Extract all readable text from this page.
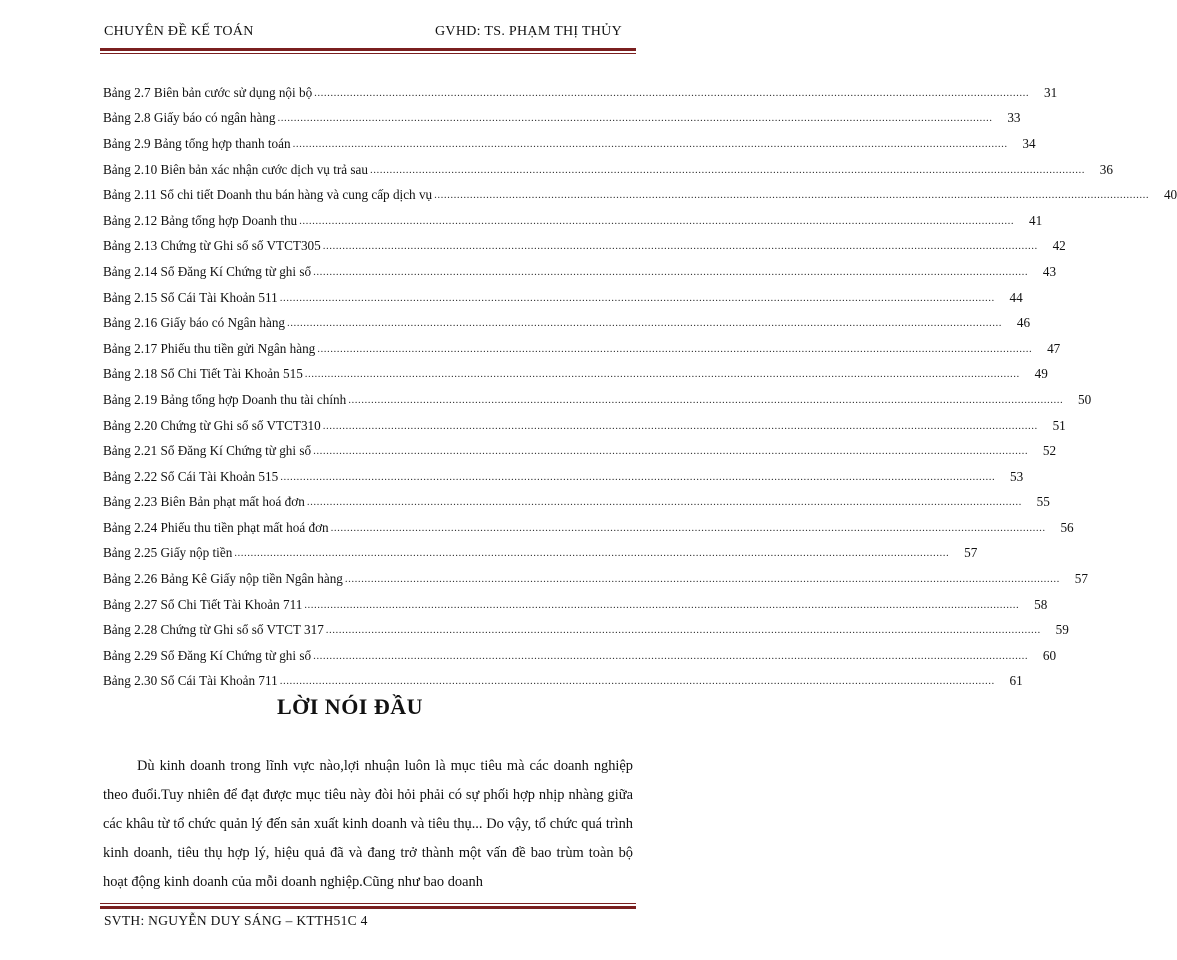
CHUYÊN ĐỀ KẾ TOÁN	GVHD: TS. PHẠM THỊ THỦY
Bảng 2.7 Biên bản cước sử dụng nội bộ ............................................................................................................................................................................................................................	31
Bảng 2.8 Giấy báo có ngân hàng ............................................................................................................................................................................................................................	33
Bảng 2.9 Bảng tổng hợp thanh toán ............................................................................................................................................................................................................................	34
Bảng 2.10 Biên bản xác nhận cước dịch vụ trả sau ............................................................................................................................................................................................................................	36
Bảng 2.11 Sổ chi tiết Doanh thu bán hàng và cung cấp dịch vụ ............................................................................................................................................................................................................................	40
Bảng 2.12 Bảng tổng hợp Doanh thu ............................................................................................................................................................................................................................	41
Bảng 2.13 Chứng từ Ghi sổ số VTCT305 ............................................................................................................................................................................................................................	42
Bảng 2.14 Sổ Đăng Kí Chứng từ ghi sổ ............................................................................................................................................................................................................................	43
Bảng 2.15 Sổ Cái Tài Khoản 511 ............................................................................................................................................................................................................................	44
Bảng 2.16 Giấy báo có Ngân hàng ............................................................................................................................................................................................................................	46
Bảng 2.17 Phiếu thu tiền gửi Ngân hàng ............................................................................................................................................................................................................................	47
Bảng 2.18 Sổ Chi Tiết Tài Khoản 515 ............................................................................................................................................................................................................................	49
Bảng 2.19 Bảng tổng hợp Doanh thu tài chính ............................................................................................................................................................................................................................	50
Bảng 2.20 Chứng từ Ghi sổ số VTCT310 ............................................................................................................................................................................................................................	51
Bảng 2.21 Sổ Đăng Kí Chứng từ ghi sổ ............................................................................................................................................................................................................................	52
Bảng 2.22 Sổ Cái Tài Khoản 515 ............................................................................................................................................................................................................................	53
Bảng 2.23 Biên Bản phạt mất hoá đơn ............................................................................................................................................................................................................................	55
Bảng 2.24 Phiếu thu tiền phạt mất hoá đơn ............................................................................................................................................................................................................................	56
Bảng 2.25 Giấy nộp tiền ............................................................................................................................................................................................................................	57
Bảng 2.26 Bảng Kê Giấy nộp tiền Ngân hàng ............................................................................................................................................................................................................................	57
Bảng 2.27 Sổ Chi Tiết Tài Khoản 711 ............................................................................................................................................................................................................................	58
Bảng 2.28 Chứng từ Ghi sổ số VTCT 317 ............................................................................................................................................................................................................................	59
Bảng 2.29 Sổ Đăng Kí Chứng từ ghi sổ ............................................................................................................................................................................................................................	60
Bảng 2.30 Sổ Cái Tài Khoản 711 ............................................................................................................................................................................................................................	61
LỜI NÓI ĐẦU

Dù kinh doanh trong lĩnh vực nào,lợi nhuận luôn là mục tiêu mà các doanh nghiệp theo đuổi.Tuy nhiên để đạt được mục tiêu này đòi hỏi phải có sự phối hợp nhịp nhàng giữa các khâu từ tổ chức quản lý đến sản xuất kinh doanh và tiêu thụ... Do vậy, tổ chức quá trình kinh doanh, tiêu thụ hợp lý, hiệu quả đã và đang trở thành một vấn đề bao trùm toàn bộ hoạt động kinh doanh của mỗi doanh nghiệp.Cũng như bao doanh

SVTH: NGUYỄN DUY SÁNG – KTTH51C 4
